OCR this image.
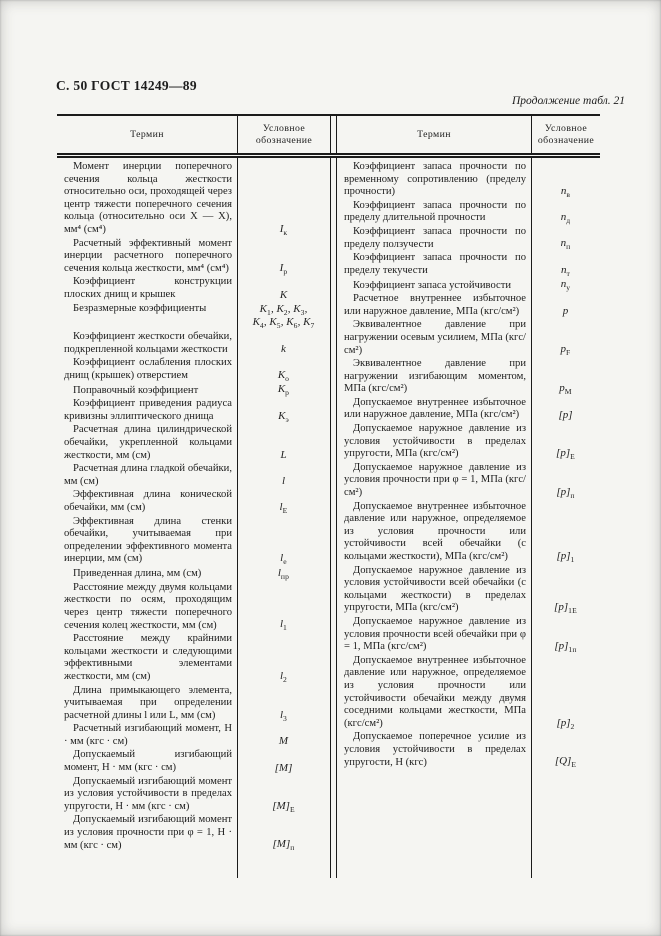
С. 50 ГОСТ 14249—89
Продолжение табл. 21
Термин
Условное обозначение
Термин
Условное обозначение
Момент инерции поперечного сечения кольца жесткости относительно оси, проходящей через центр тяжести поперечного сечения кольца (относительно оси X — X), мм⁴ (см⁴)	$I_к$
Расчетный эффективный момент инерции расчетного поперечного сечения кольца жесткости, мм⁴ (см⁴)	$I_р$
Коэффициент конструкции плоских днищ и крышек	K
Безразмерные коэффициенты	$K_1$, $K_2$, $K_3$,
$K_4$, $K_5$, $K_6$, $K_7$
Коэффициент жесткости обечайки, подкрепленной кольцами жесткости	k
Коэффициент ослабления плоских днищ (крышек) отверстием	$K_о$
Поправочный коэффициент	$K_р$
Коэффициент приведения радиуса кривизны эллиптического днища	$K_э$
Расчетная длина цилиндрической обечайки, укрепленной кольцами жесткости, мм (см)	L
Расчетная длина гладкой обечайки, мм (см)	l
Эффективная длина конической обечайки, мм (см)	$l_E$
Эффективная длина стенки обечайки, учитываемая при определении эффективного момента инерции, мм (см)	$l_e$
Приведенная длина, мм (см)	$l_{пр}$
Расстояние между двумя кольцами жесткости по осям, проходящим через центр тяжести поперечного сечения колец жесткости, мм (см)	$l_1$
Расстояние между крайними кольцами жесткости и следующими эффективными элементами жесткости, мм (см)	$l_2$
Длина примыкающего элемента, учитываемая при определении расчетной длины l или L, мм (см)	$l_3$
Расчетный изгибающий момент, Н · мм (кгс · см)	M
Допускаемый изгибающий момент, Н · мм (кгс · см)	[M]
Допускаемый изгибающий момент из условия устойчивости в пределах упругости, Н · мм (кгс · см)	$[M]_E$
Допускаемый изгибающий момент из условия прочности при φ = 1, Н · мм (кгс · см)	$[M]_п$
Коэффициент запаса прочности по временному сопротивлению (пределу прочности)	$n_в$
Коэффициент запаса прочности по пределу длительной прочности	$n_д$
Коэффициент запаса прочности по пределу ползучести	$n_п$
Коэффициент запаса прочности по пределу текучести	$n_т$
Коэффициент запаса устойчивости	$n_у$
Расчетное внутреннее избыточное или наружное давление, МПа (кгс/см²)	p
Эквивалентное давление при нагружении осевым усилием, МПа (кгс/см²)	$p_F$
Эквивалентное давление при нагружении изгибающим моментом, МПа (кгс/см²)	$p_M$
Допускаемое внутреннее избыточное или наружное давление, МПа (кгс/см²)	[p]
Допускаемое наружное давление из условия устойчивости в пределах упругости, МПа (кгс/см²)	$[p]_E$
Допускаемое наружное давление из условия прочности при φ = 1, МПа (кгс/см²)	$[p]_п$
Допускаемое внутреннее избыточное давление или наружное, определяемое из условия прочности или устойчивости всей обечайки (с кольцами жесткости), МПа (кгс/см²)	$[p]_1$
Допускаемое наружное давление из условия устойчивости всей обечайки (с кольцами жесткости) в пределах упругости, МПа (кгс/см²)	$[p]_{1E}$
Допускаемое наружное давление из условия прочности всей обечайки при φ = 1, МПа (кгс/см²)	$[p]_{1п}$
Допускаемое внутреннее избыточное давление или наружное, определяемое из условия прочности или устойчивости обечайки между двумя соседними кольцами жесткости, МПа (кгс/см²)	$[p]_2$
Допускаемое поперечное усилие из условия устойчивости в пределах упругости, Н (кгс)	$[Q]_E$
